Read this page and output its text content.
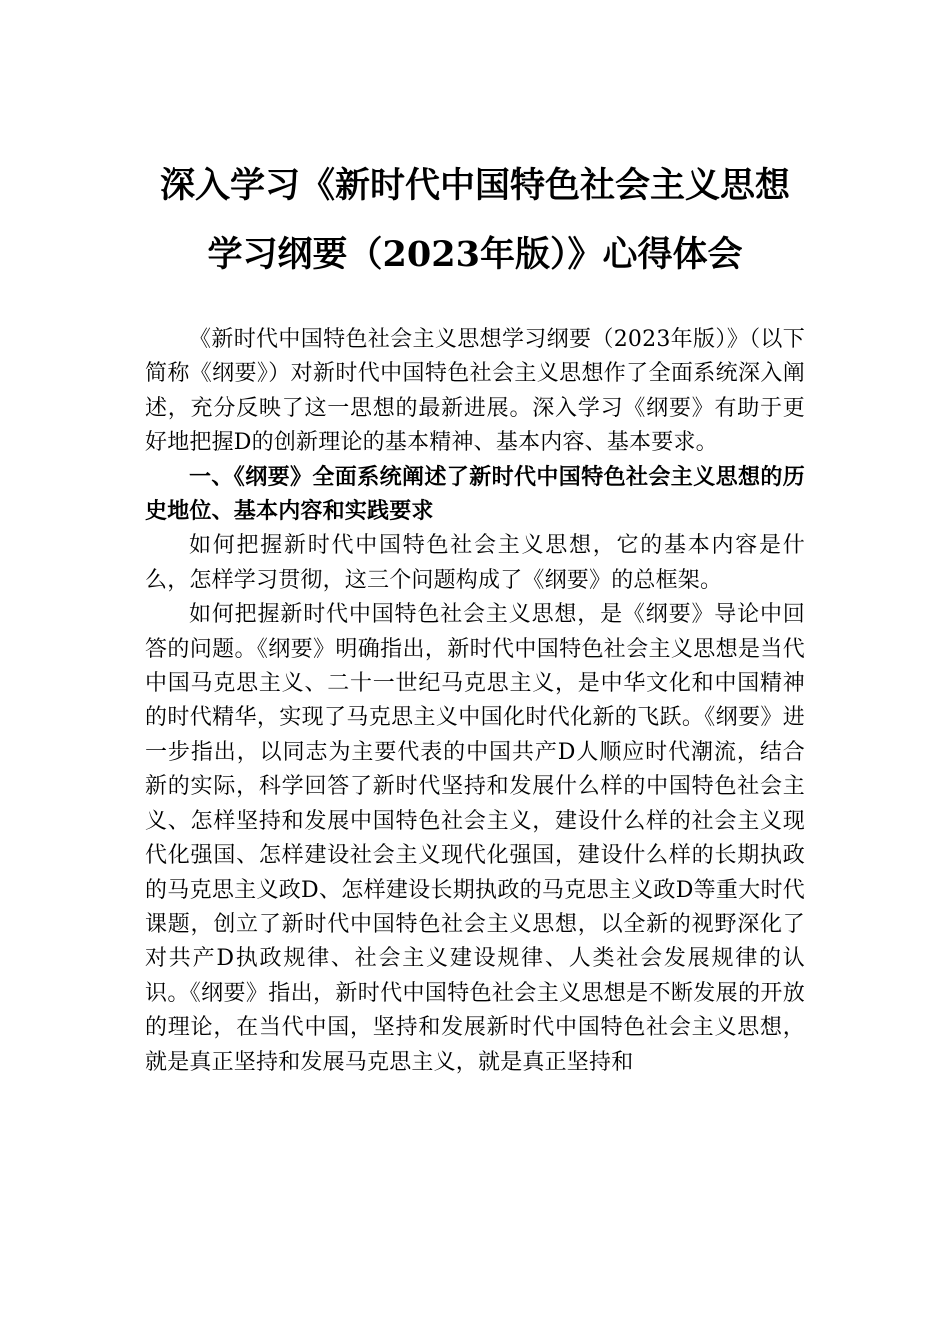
深入学习《新时代中国特色社会主义思想
学习纲要（2023年版）》心得体会

《新时代中国特色社会主义思想学习纲要（2023年版）》（以下简称《纲要》）对新时代中国特色社会主义思想作了全面系统深入阐述，充分反映了这一思想的最新进展。深入学习《纲要》有助于更好地把握D的创新理论的基本精神、基本内容、基本要求。

一、《纲要》全面系统阐述了新时代中国特色社会主义思想的历史地位、基本内容和实践要求

如何把握新时代中国特色社会主义思想，它的基本内容是什么，怎样学习贯彻，这三个问题构成了《纲要》的总框架。

如何把握新时代中国特色社会主义思想，是《纲要》导论中回答的问题。《纲要》明确指出，新时代中国特色社会主义思想是当代中国马克思主义、二十一世纪马克思主义，是中华文化和中国精神的时代精华，实现了马克思主义中国化时代化新的飞跃。《纲要》进一步指出，以同志为主要代表的中国共产D人顺应时代潮流，结合新的实际，科学回答了新时代坚持和发展什么样的中国特色社会主义、怎样坚持和发展中国特色社会主义，建设什么样的社会主义现代化强国、怎样建设社会主义现代化强国，建设什么样的长期执政的马克思主义政D、怎样建设长期执政的马克思主义政D等重大时代课题，创立了新时代中国特色社会主义思想，以全新的视野深化了对共产D执政规律、社会主义建设规律、人类社会发展规律的认识。《纲要》指出，新时代中国特色社会主义思想是不断发展的开放的理论，在当代中国，坚持和发展新时代中国特色社会主义思想，就是真正坚持和发展马克思主义，就是真正坚持和
